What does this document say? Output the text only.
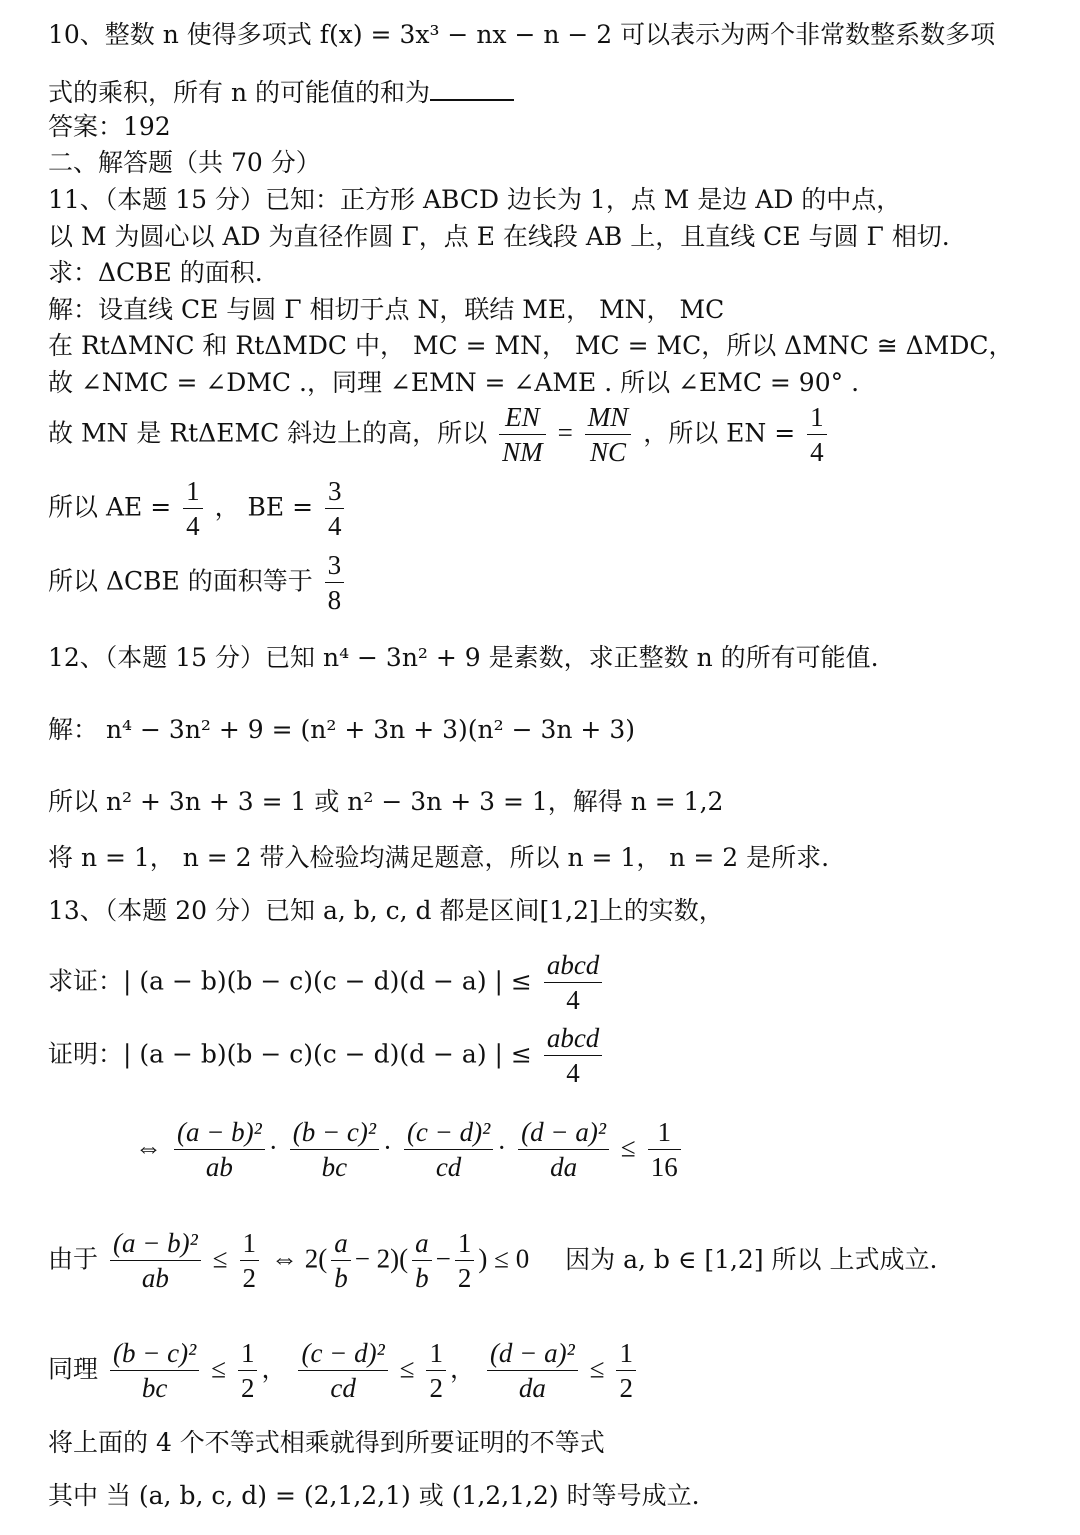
10、整数 n 使得多项式 f(x) = 3x³ − nx − n − 2 可以表示为两个非常数整系数多项
式的乘积，所有 n 的可能值的和为
答案：192
二、解答题（共 70 分）
11、（本题 15 分）已知：正方形 ABCD 边长为 1，点 M 是边 AD 的中点，
以 M 为圆心以 AD 为直径作圆 Γ，点 E 在线段 AB 上，且直线 CE 与圆 Γ 相切.
求：ΔCBE 的面积.
解：设直线 CE 与圆 Γ 相切于点 N，联结 ME， MN， MC
在 RtΔMNC 和 RtΔMDC 中， MC = MN， MC = MC，所以 ΔMNC ≅ ΔMDC，
故 ∠NMC = ∠DMC .，同理 ∠EMN = ∠AME . 所以 ∠EMC = 90° .
故 MN 是 RtΔEMC 斜边上的高，所以 $\frac{EN}{NM} = \frac{MN}{NC}$ ，所以 EN = $\frac{1}{4}$
所以 AE = $\frac{1}{4}$ ， BE = $\frac{3}{4}$
所以 ΔCBE 的面积等于 $\frac{3}{8}$
12、（本题 15 分）已知 n⁴ − 3n² + 9 是素数，求正整数 n 的所有可能值.
解： n⁴ − 3n² + 9 = (n² + 3n + 3)(n² − 3n + 3)
所以 n² + 3n + 3 = 1 或 n² − 3n + 3 = 1，解得 n = 1,2
将 n = 1， n = 2 带入检验均满足题意，所以 n = 1， n = 2 是所求.
13、（本题 20 分）已知 a, b, c, d 都是区间[1,2]上的实数，
求证：| (a − b)(b − c)(c − d)(d − a) | ≤ $\frac{\text{abcd}}{4}$
证明：| (a − b)(b − c)(c − d)(d − a) | ≤ $\frac{\text{abcd}}{4}$
⇔ $\frac{\text{(a − b)²}}{ab} \cdot \frac{\text{(b − c)²}}{bc} \cdot \frac{\text{(c − d)²}}{cd} \cdot \frac{\text{(d − a)²}}{da} \le \frac{1}{16}$
由于 $\frac{\text{(a − b)²}}{ab} \le \frac{1}{2}$ ⇔ $2( \frac{a}{b} - 2)( \frac{a}{b} - \frac{1}{2}$ ) ≤ 0 因为 a, b ∈ [1,2] 所以 上式成立.
同理 $\frac{\text{(b − c)²}}{bc} \le \frac{1}{2}$ ， $\frac{\text{(c − d)²}}{cd} \le \frac{1}{2}$ ， $\frac{\text{(d − a)²}}{da} \le \frac{1}{2}$
将上面的 4 个不等式相乘就得到所要证明的不等式
其中 当 (a, b, c, d) = (2,1,2,1) 或 (1,2,1,2) 时等号成立.
